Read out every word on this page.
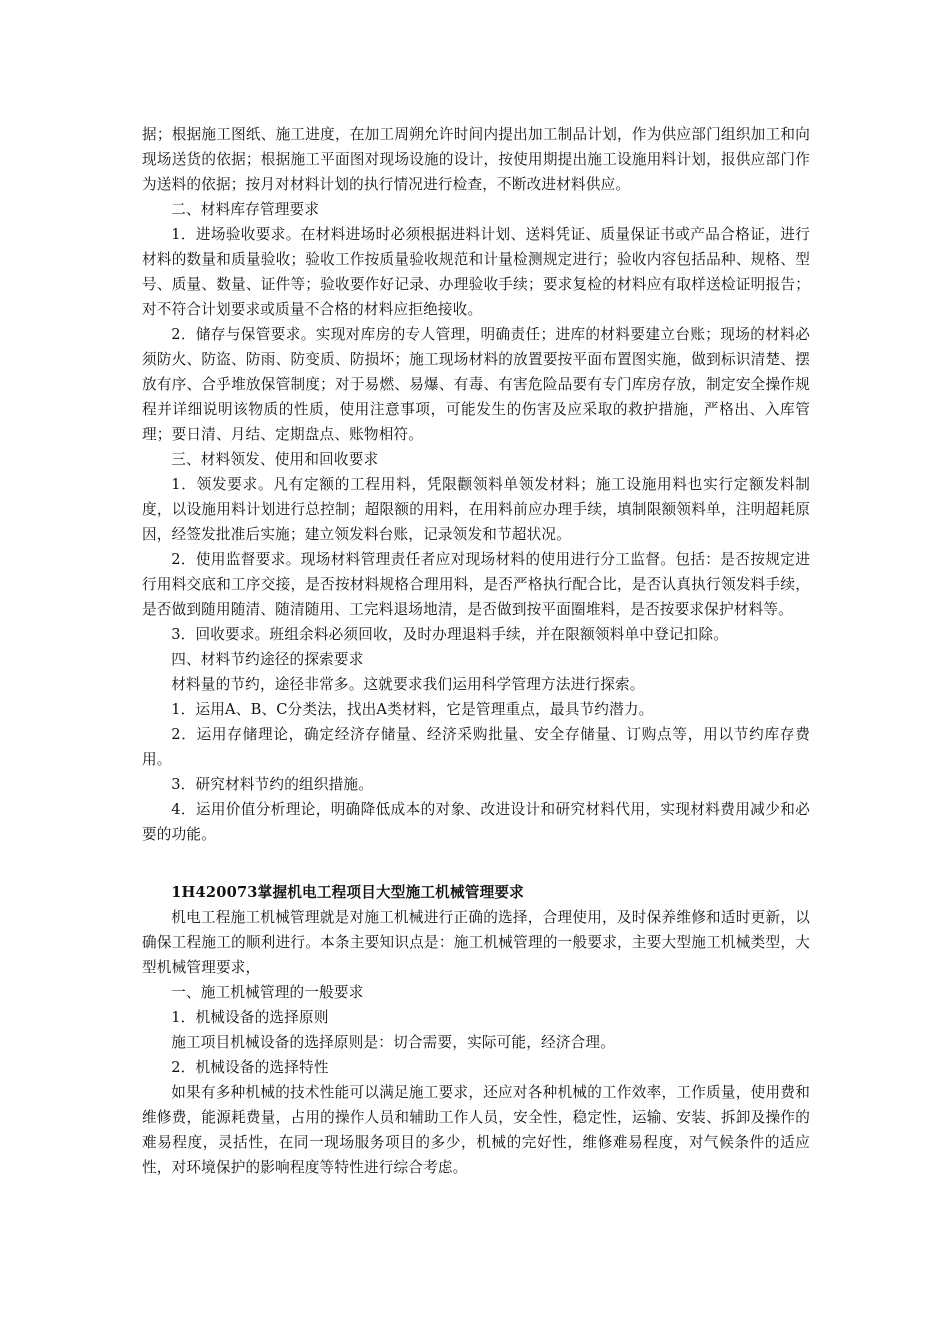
据；根据施工图纸、施工进度，在加工周朔允许时间内提出加工制品计划，作为供应部门组织加工和向现场送货的依据；根据施工平面图对现场设施的设计，按使用期提出施工设施用料计划，报供应部门作为送料的依据；按月对材料计划的执行情况进行检查，不断改进材料供应。

二、材料库存管理要求

1．进场验收要求。在材料进场时必须根据进料计划、送料凭证、质量保证书或产品合格证，进行材料的数量和质量验收；验收工作按质量验收规范和计量检测规定进行；验收内容包括品种、规格、型号、质量、数量、证件等；验收要作好记录、办理验收手续；要求复检的材料应有取样送检证明报告；对不符合计划要求或质量不合格的材料应拒绝接收。

2．储存与保管要求。实现对库房的专人管理，明确责任；进库的材料要建立台账；现场的材料必须防火、防盗、防雨、防变质、防损坏；施工现场材料的放置要按平面布置图实施，做到标识清楚、摆放有序、合乎堆放保管制度；对于易燃、易爆、有毒、有害危险品要有专门库房存放，制定安全操作规程并详细说明该物质的性质，使用注意事项，可能发生的伤害及应采取的救护措施，严格出、入库管理；要日清、月结、定期盘点、账物相符。

三、材料领发、使用和回收要求

1．领发要求。凡有定额的工程用料，凭限颧领料单领发材料；施工设施用料也实行定额发料制度，以设施用料计划进行总控制；超限额的用料，在用料前应办理手续，填制限额领料单，注明超耗原因，经签发批准后实施；建立领发料台账，记录领发和节超状况。

2．使用监督要求。现场材料管理责任者应对现场材料的使用进行分工监督。包括：是否按规定进行用料交底和工序交接，是否按材料规格合理用料，是否严格执行配合比，是否认真执行领发料手续，是否做到随用随清、随清随用、工完料退场地清，是否做到按平面圈堆料，是否按要求保护材料等。

3．回收要求。班组余料必须回收，及时办理退料手续，并在限额领料单中登记扣除。

四、材料节约途径的探索要求

材料量的节约，途径非常多。这就要求我们运用科学管理方法进行探索。

1．运用A、B、C分类法，找出A类材料，它是管理重点，最具节约潜力。

2．运用存储理论，确定经济存储量、经济采购批量、安全存储量、订购点等，用以节约库存费用。

3．研究材料节约的组织措施。

4．运用价值分析理论，明确降低成本的对象、改进设计和研究材料代用，实现材料费用减少和必要的功能。

1H420073掌握机电工程项目大型施工机械管理要求

机电工程施工机械管理就是对施工机械进行正确的选择，合理使用，及时保养维修和适时更新，以确保工程施工的顺利进行。本条主要知识点是：施工机械管理的一般要求，主要大型施工机械类型，大型机械管理要求，

一、施工机械管理的一般要求

1．机械设备的选择原则

施工项目机械设备的选择原则是：切合需要，实际可能，经济合理。

2．机械设备的选择特性

如果有多种机械的技术性能可以满足施工要求，还应对各种机械的工作效率，工作质量，使用费和维修费，能源耗费量，占用的操作人员和辅助工作人员，安全性，稳定性，运输、安装、拆卸及操作的难易程度，灵括性，在同一现场服务项目的多少，机械的完好性，维修难易程度，对气候条件的适应性，对环境保护的影响程度等特性进行综合考虑。
